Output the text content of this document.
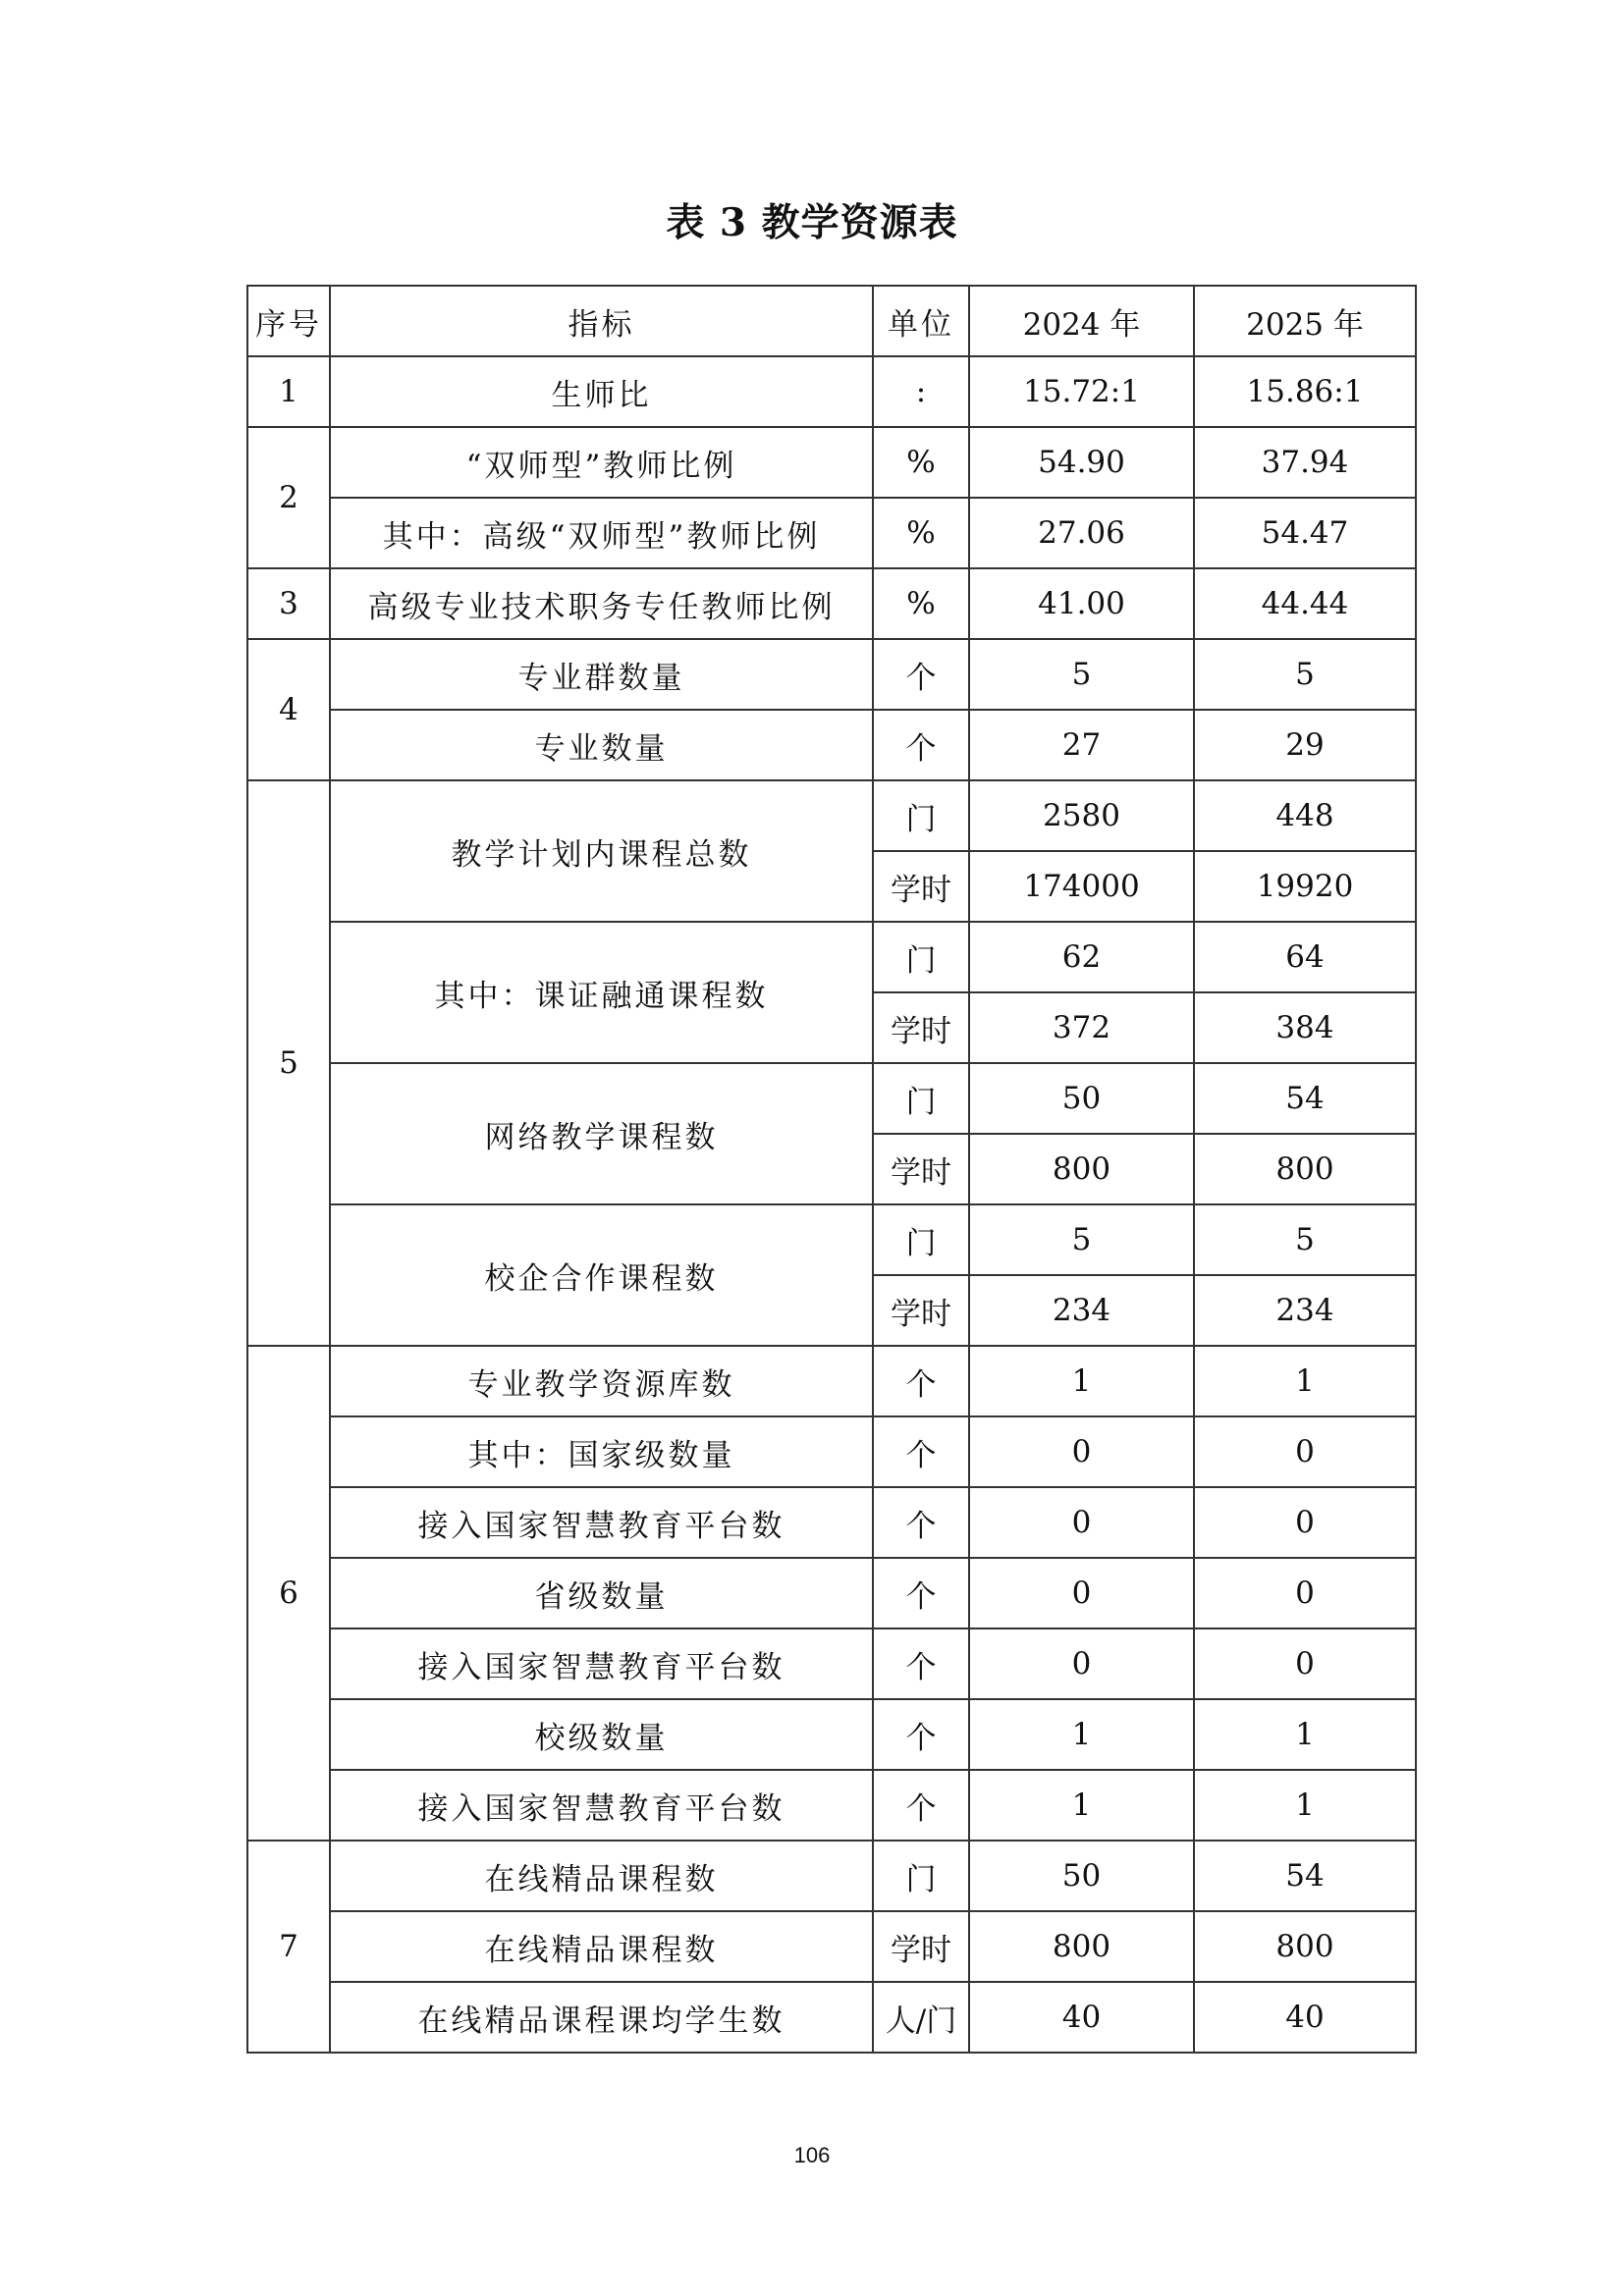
表 3 教学资源表
序号	指标	单位	2024 年	2025 年
1	生师比	:	15.72:1	15.86:1
2	“双师型”教师比例	%	54.90	37.94
	其中：高级“双师型”教师比例	%	27.06	54.47
3	高级专业技术职务专任教师比例	%	41.00	44.44
4	专业群数量	个	5	5
	专业数量	个	27	29
5	教学计划内课程总数	门	2580	448
		学时	174000	19920
	其中：课证融通课程数	门	62	64
		学时	372	384
	网络教学课程数	门	50	54
		学时	800	800
	校企合作课程数	门	5	5
		学时	234	234
6	专业教学资源库数	个	1	1
	其中：国家级数量	个	0	0
	接入国家智慧教育平台数	个	0	0
	省级数量	个	0	0
	接入国家智慧教育平台数	个	0	0
	校级数量	个	1	1
	接入国家智慧教育平台数	个	1	1
7	在线精品课程数	门	50	54
	在线精品课程数	学时	800	800
	在线精品课程课均学生数	人/门	40	40
106
